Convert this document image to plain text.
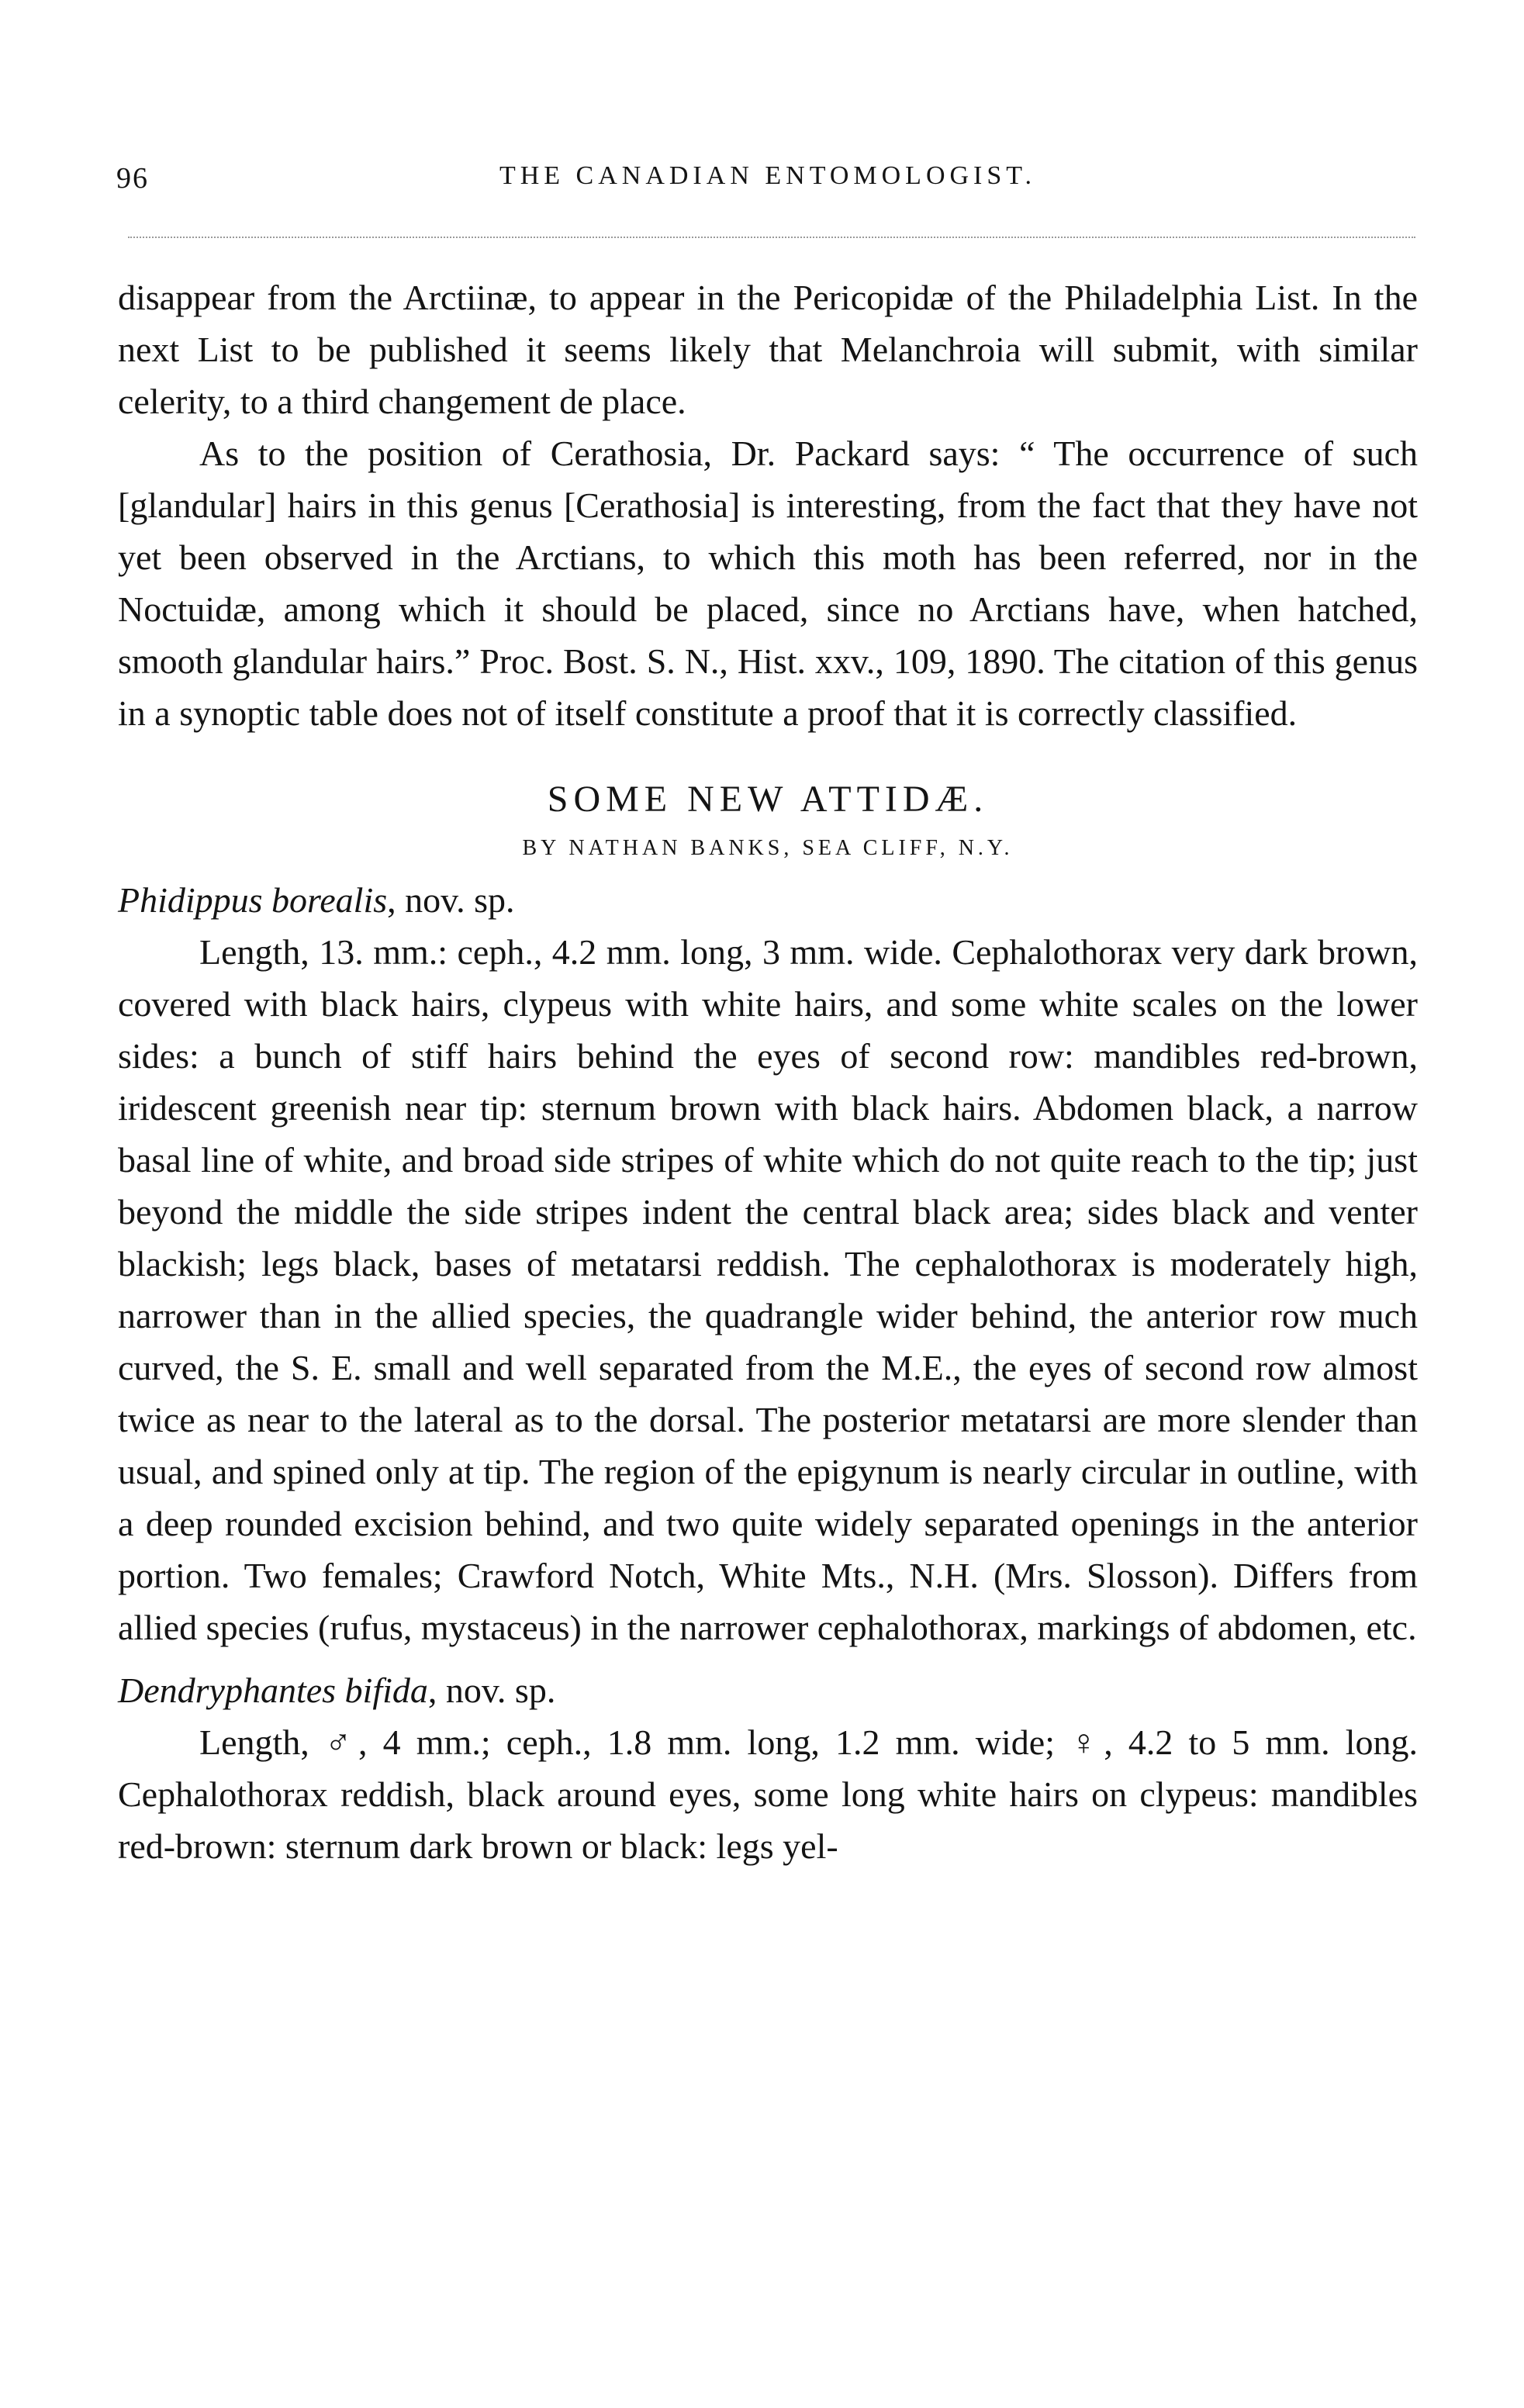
96	THE CANADIAN ENTOMOLOGIST.

disappear from the Arctiinæ, to appear in the Pericopidæ of the Philadelphia List. In the next List to be published it seems likely that Melanchroia will submit, with similar celerity, to a third changement de place.

As to the position of Cerathosia, Dr. Packard says: “ The occurrence of such [glandular] hairs in this genus [Cerathosia] is interesting, from the fact that they have not yet been observed in the Arctians, to which this moth has been referred, nor in the Noctuidæ, among which it should be placed, since no Arctians have, when hatched, smooth glandular hairs.” Proc. Bost. S. N., Hist. xxv., 109, 1890. The citation of this genus in a synoptic table does not of itself constitute a proof that it is correctly classified.

SOME NEW ATTIDÆ.

BY NATHAN BANKS, SEA CLIFF, N.Y.

Phidippus borealis, nov. sp.

Length, 13. mm.: ceph., 4.2 mm. long, 3 mm. wide. Cephalothorax very dark brown, covered with black hairs, clypeus with white hairs, and some white scales on the lower sides: a bunch of stiff hairs behind the eyes of second row: mandibles red-brown, iridescent greenish near tip: sternum brown with black hairs. Abdomen black, a narrow basal line of white, and broad side stripes of white which do not quite reach to the tip; just beyond the middle the side stripes indent the central black area; sides black and venter blackish; legs black, bases of metatarsi reddish. The cephalothorax is moderately high, narrower than in the allied species, the quadrangle wider behind, the anterior row much curved, the S. E. small and well separated from the M.E., the eyes of second row almost twice as near to the lateral as to the dorsal. The posterior metatarsi are more slender than usual, and spined only at tip. The region of the epigynum is nearly circular in outline, with a deep rounded excision behind, and two quite widely separated openings in the anterior portion. Two females; Crawford Notch, White Mts., N.H. (Mrs. Slosson). Differs from allied species (rufus, mystaceus) in the narrower cephalothorax, markings of abdomen, etc.

Dendryphantes bifida, nov. sp.

Length, ♂, 4 mm.; ceph., 1.8 mm. long, 1.2 mm. wide; ♀, 4.2 to 5 mm. long. Cephalothorax reddish, black around eyes, some long white hairs on clypeus: mandibles red-brown: sternum dark brown or black: legs yel-
